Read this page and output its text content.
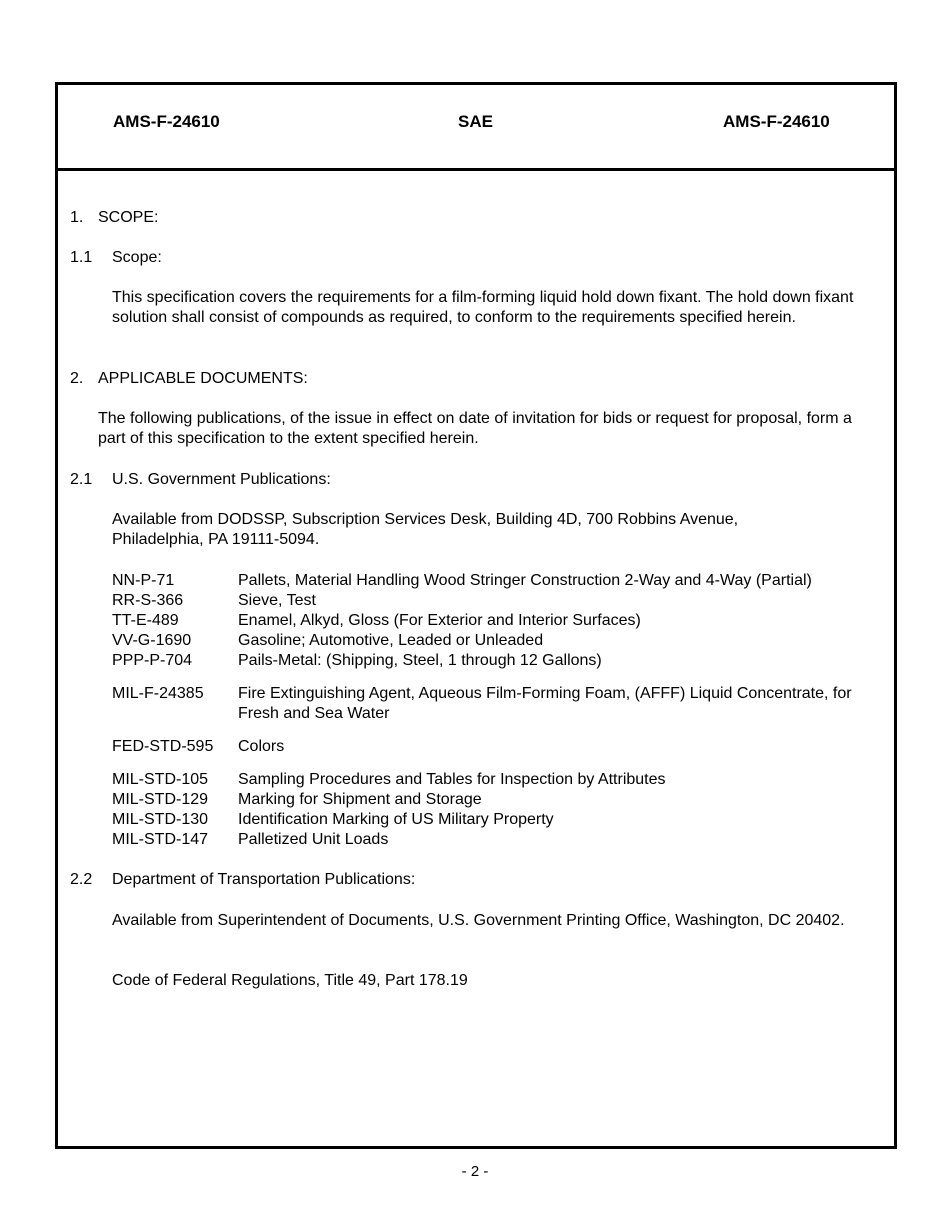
AMS-F-24610	SAE	AMS-F-24610
1. SCOPE:
1.1 Scope:
This specification covers the requirements for a film-forming liquid hold down fixant. The hold down fixant solution shall consist of compounds as required, to conform to the requirements specified herein.
2. APPLICABLE DOCUMENTS:
The following publications, of the issue in effect on date of invitation for bids or request for proposal, form a part of this specification to the extent specified herein.
2.1 U.S. Government Publications:
Available from DODSSP, Subscription Services Desk, Building 4D, 700 Robbins Avenue, Philadelphia, PA 19111-5094.
NN-P-71	Pallets, Material Handling Wood Stringer Construction 2-Way and 4-Way (Partial)
RR-S-366	Sieve, Test
TT-E-489	Enamel, Alkyd, Gloss (For Exterior and Interior Surfaces)
VV-G-1690	Gasoline; Automotive, Leaded or Unleaded
PPP-P-704	Pails-Metal: (Shipping, Steel, 1 through 12 Gallons)
MIL-F-24385 Fire Extinguishing Agent, Aqueous Film-Forming Foam, (AFFF) Liquid Concentrate, for Fresh and Sea Water
FED-STD-595 Colors
MIL-STD-105 Sampling Procedures and Tables for Inspection by Attributes
MIL-STD-129 Marking for Shipment and Storage
MIL-STD-130 Identification Marking of US Military Property
MIL-STD-147 Palletized Unit Loads
2.2 Department of Transportation Publications:
Available from Superintendent of Documents, U.S. Government Printing Office, Washington, DC 20402.
Code of Federal Regulations, Title 49, Part 178.19
- 2 -
